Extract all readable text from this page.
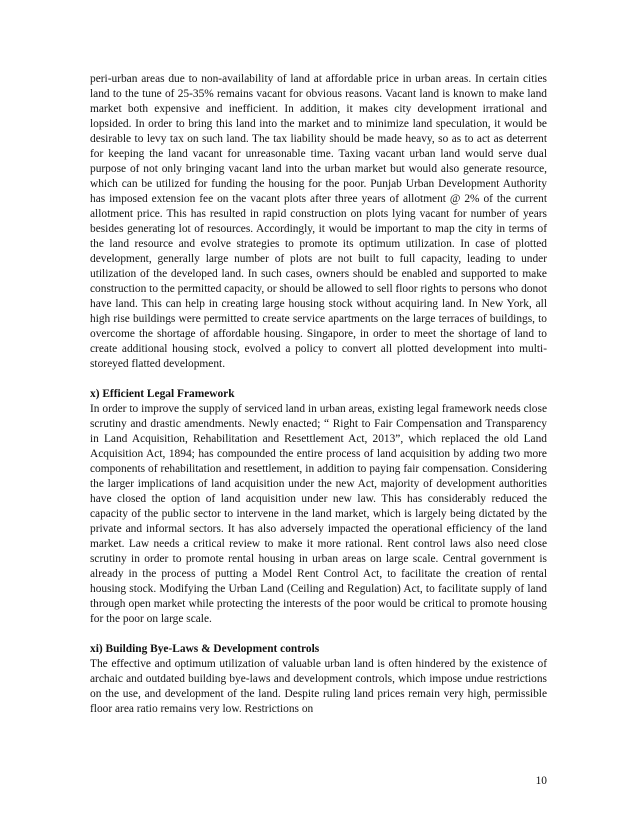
peri-urban areas due to non-availability of land at affordable price in urban areas. In certain cities land to the tune of 25-35% remains vacant for obvious reasons. Vacant land is known to make land market both expensive and inefficient. In addition, it makes city development irrational and lopsided. In order to bring this land into the market and to minimize land speculation, it would be desirable to levy tax on such land. The tax liability should be made heavy, so as to act as deterrent for keeping the land vacant for unreasonable time. Taxing vacant urban land would serve dual purpose of not only bringing vacant land into the urban market but would also generate resource, which can be utilized for funding the housing for the poor. Punjab Urban Development Authority has imposed extension fee on the vacant plots after three years of allotment @ 2% of the current allotment price. This has resulted in rapid construction on plots lying vacant for number of years besides generating lot of resources. Accordingly, it would be important to map the city in terms of the land resource and evolve strategies to promote its optimum utilization. In case of plotted development, generally large number of plots are not built to full capacity, leading to under utilization of the developed land. In such cases, owners should be enabled and supported to make construction to the permitted capacity, or should be allowed to sell floor rights to persons who donot have land. This can help in creating large housing stock without acquiring land. In New York, all high rise buildings were permitted to create service apartments on the large terraces of buildings, to overcome the shortage of affordable housing. Singapore, in order to meet the shortage of land to create additional housing stock, evolved a policy to convert all plotted development into multi-storeyed flatted development.

x) Efficient Legal Framework

In order to improve the supply of serviced land in urban areas, existing legal framework needs close scrutiny and drastic amendments. Newly enacted; “ Right to Fair Compensation and Transparency in Land Acquisition, Rehabilitation and Resettlement Act, 2013”, which replaced the old Land Acquisition Act, 1894; has compounded the entire process of land acquisition by adding two more components of rehabilitation and resettlement, in addition to paying fair compensation. Considering the larger implications of land acquisition under the new Act, majority of development authorities have closed the option of land acquisition under new law. This has considerably reduced the capacity of the public sector to intervene in the land market, which is largely being dictated by the private and informal sectors. It has also adversely impacted the operational efficiency of the land market. Law needs a critical review to make it more rational. Rent control laws also need close scrutiny in order to promote rental housing in urban areas on large scale. Central government is already in the process of putting a Model Rent Control Act, to facilitate the creation of rental housing stock. Modifying the Urban Land (Ceiling and Regulation) Act, to facilitate supply of land through open market while protecting the interests of the poor would be critical to promote housing for the poor on large scale.

xi) Building Bye-Laws & Development controls

The effective and optimum utilization of valuable urban land is often hindered by the existence of archaic and outdated building bye-laws and development controls, which impose undue restrictions on the use, and development of the land. Despite ruling land prices remain very high, permissible floor area ratio remains very low. Restrictions on

10
